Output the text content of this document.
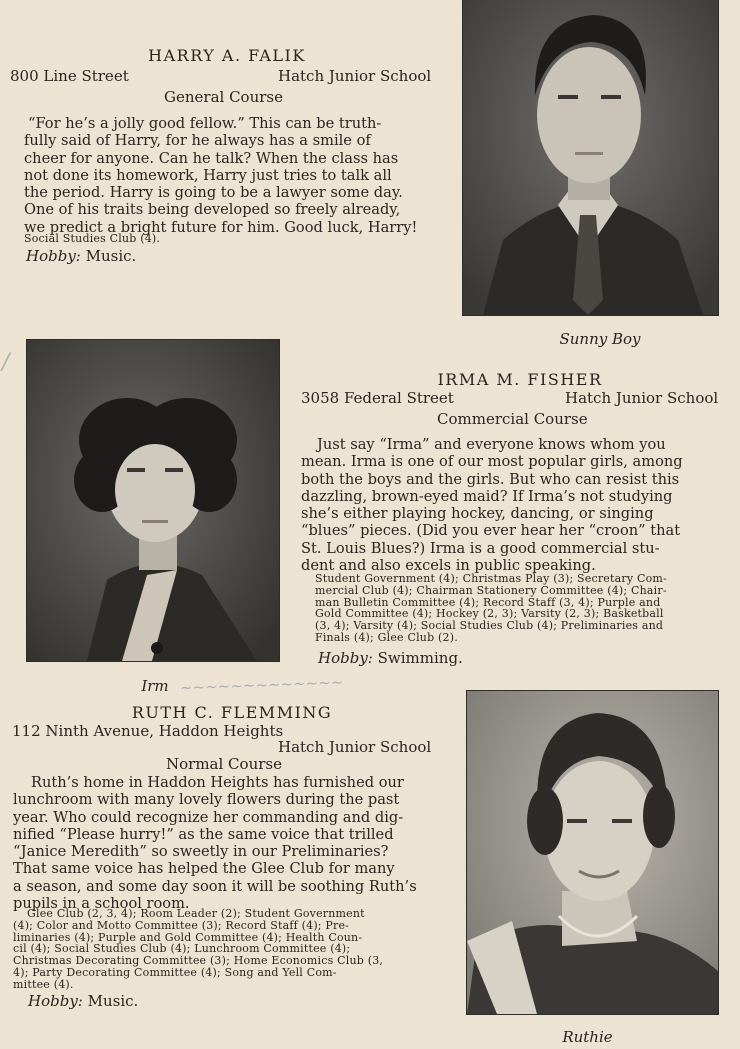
HARRY A. FALIK
800 Line Street	Hatch Junior School
General Course
“For he’s a jolly good fellow.” This can be truth-
fully said of Harry, for he always has a smile of
cheer for anyone. Can he talk? When the class has
not done its homework, Harry just tries to talk all
the period. Harry is going to be a lawyer some day.
One of his traits being developed so freely already,
we predict a bright future for him. Good luck, Harry!
Social Studies Club (4).
Hobby: Music.
Sunny Boy
Irm
IRMA M. FISHER
3058 Federal Street	Hatch Junior School
Commercial Course
Just say “Irma” and everyone knows whom you
mean. Irma is one of our most popular girls, among
both the boys and the girls. But who can resist this
dazzling, brown-eyed maid? If Irma’s not studying
she’s either playing hockey, dancing, or singing
“blues” pieces. (Did you ever hear her “croon” that
St. Louis Blues?) Irma is a good commercial stu-
dent and also excels in public speaking.
Student Government (4); Christmas Play (3); Secretary Com-
mercial Club (4); Chairman Stationery Committee (4); Chair-
man Bulletin Committee (4); Record Staff (3, 4); Purple and
Gold Committee (4); Hockey (2, 3); Varsity (2, 3); Basketball
(3, 4); Varsity (4); Social Studies Club (4); Preliminaries and
Finals (4); Glee Club (2).
Hobby: Swimming.
~~~~~~~~~~~~~
/
RUTH C. FLEMMING
112 Ninth Avenue, Haddon Heights
Hatch Junior School
Normal Course
Ruth’s home in Haddon Heights has furnished our
lunchroom with many lovely flowers during the past
year. Who could recognize her commanding and dig-
nified “Please hurry!” as the same voice that trilled
“Janice Meredith” so sweetly in our Preliminaries?
That same voice has helped the Glee Club for many
a season, and some day soon it will be soothing Ruth’s
pupils in a school room.
Glee Club (2, 3, 4); Room Leader (2); Student Government
(4); Color and Motto Committee (3); Record Staff (4); Pre-
liminaries (4); Purple and Gold Committee (4); Health Coun-
cil (4); Social Studies Club (4); Lunchroom Committee (4);
Christmas Decorating Committee (3); Home Economics Club (3,
4); Party Decorating Committee (4); Song and Yell Com-
mittee (4).
Hobby: Music.
Ruthie
